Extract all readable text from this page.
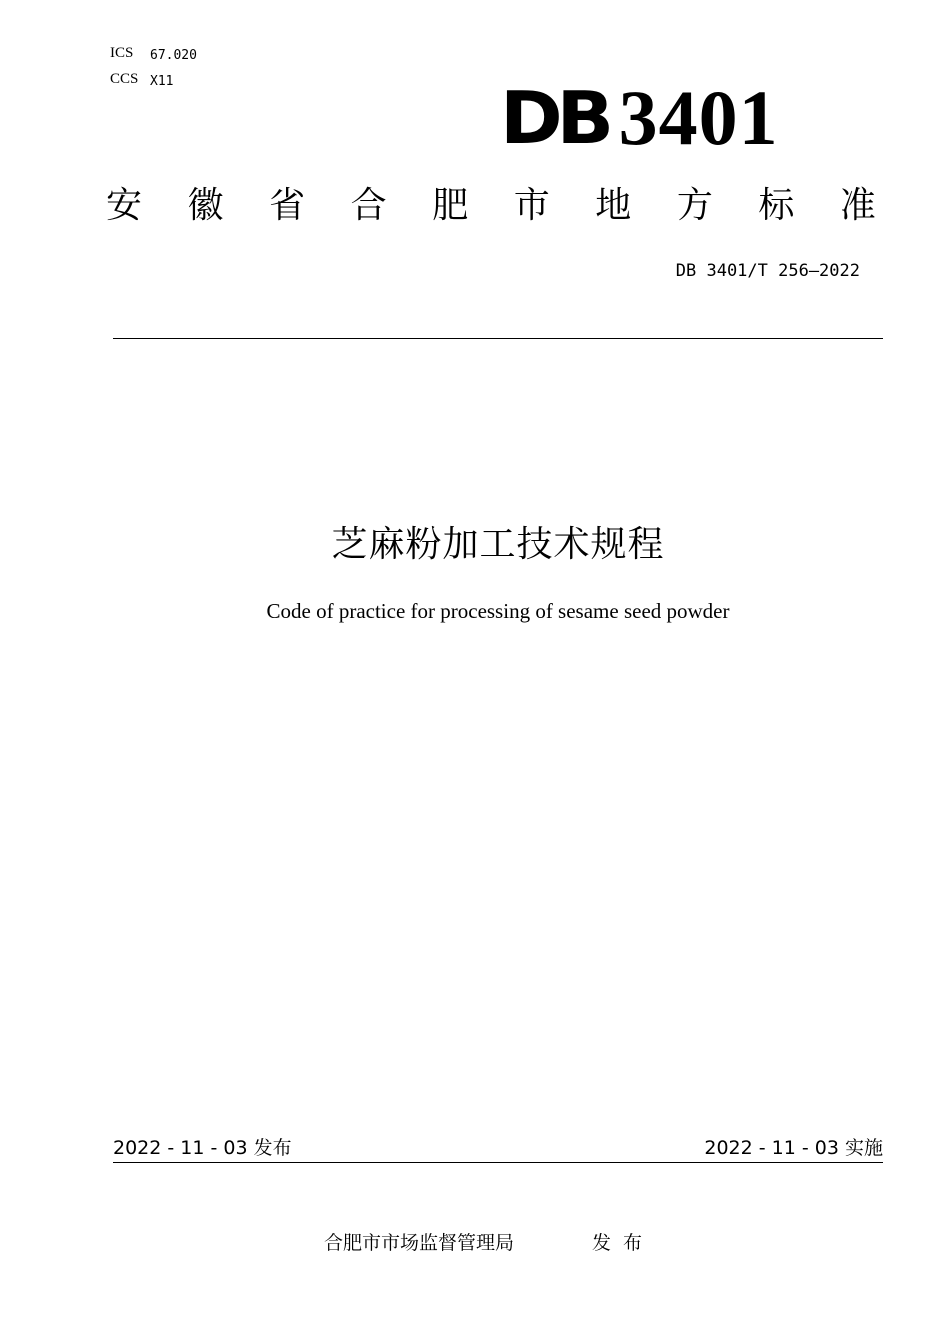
ICS 67.020
CCS X11	DB 3401
安 徽 省 合 肥 市 地 方 标 准
DB 3401/T 256—2022
芝麻粉加工技术规程
Code of practice for processing of sesame seed powder
2022 - 11 - 03 发布	2022 - 11 - 03 实施
合肥市市场监督管理局	发布
